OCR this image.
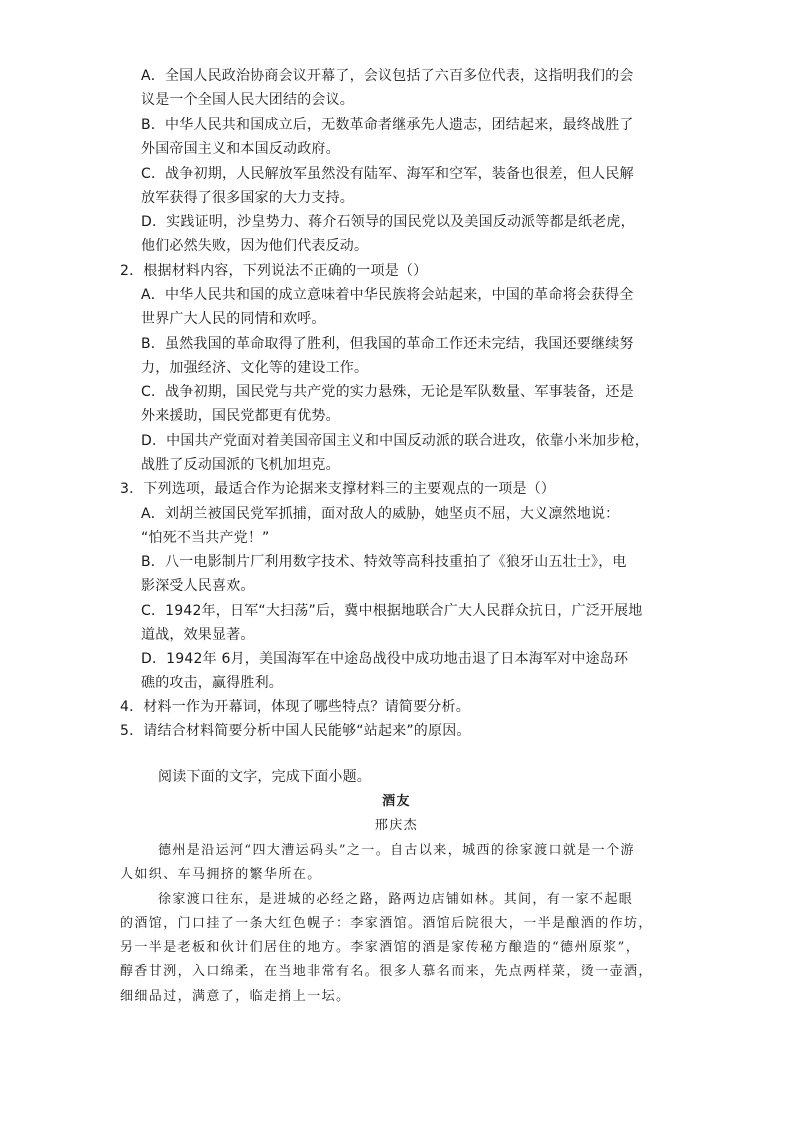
A．全国人民政治协商会议开幕了，会议包括了六百多位代表，这指明我们的会
议是一个全国人民大团结的会议。
B．中华人民共和国成立后，无数革命者继承先人遗志，团结起来，最终战胜了
外国帝国主义和本国反动政府。
C．战争初期，人民解放军虽然没有陆军、海军和空军，装备也很差，但人民解
放军获得了很多国家的大力支持。
D．实践证明，沙皇势力、蒋介石领导的国民党以及美国反动派等都是纸老虎，
他们必然失败，因为他们代表反动。
2．根据材料内容，下列说法不正确的一项是（）
A．中华人民共和国的成立意味着中华民族将会站起来，中国的革命将会获得全
世界广大人民的同情和欢呼。
B．虽然我国的革命取得了胜利，但我国的革命工作还未完结，我国还要继续努
力，加强经济、文化等的建设工作。
C．战争初期，国民党与共产党的实力悬殊，无论是军队数量、军事装备，还是
外来援助，国民党都更有优势。
D．中国共产党面对着美国帝国主义和中国反动派的联合进攻，依靠小米加步枪，
战胜了反动国派的飞机加坦克。
3．下列选项，最适合作为论据来支撑材料三的主要观点的一项是（）
A．刘胡兰被国民党军抓捕，面对敌人的威胁，她坚贞不屈，大义凛然地说：
“怕死不当共产党！”
B．八一电影制片厂利用数字技术、特效等高科技重拍了《狼牙山五壮士》，电
影深受人民喜欢。
C．1942年，日军“大扫荡”后，冀中根据地联合广大人民群众抗日，广泛开展地
道战，效果显著。
D．1942年 6月，美国海军在中途岛战役中成功地击退了日本海军对中途岛环
礁的攻击，赢得胜利。
4．材料一作为开幕词，体现了哪些特点？请简要分析。
5．请结合材料简要分析中国人民能够“站起来”的原因。
阅读下面的文字，完成下面小题。
酒友
邢庆杰
德州是沿运河“四大漕运码头”之一。自古以来，城西的徐家渡口就是一个游
人如织、车马拥挤的繁华所在。
徐家渡口往东，是进城的必经之路，路两边店铺如林。其间，有一家不起眼
的酒馆，门口挂了一条大红色幌子：李家酒馆。酒馆后院很大，一半是酿酒的作坊，
另一半是老板和伙计们居住的地方。李家酒馆的酒是家传秘方酿造的“德州原浆”，
醇香甘洌，入口绵柔，在当地非常有名。很多人慕名而来，先点两样菜，烫一壶酒，
细细品过，满意了，临走捎上一坛。
